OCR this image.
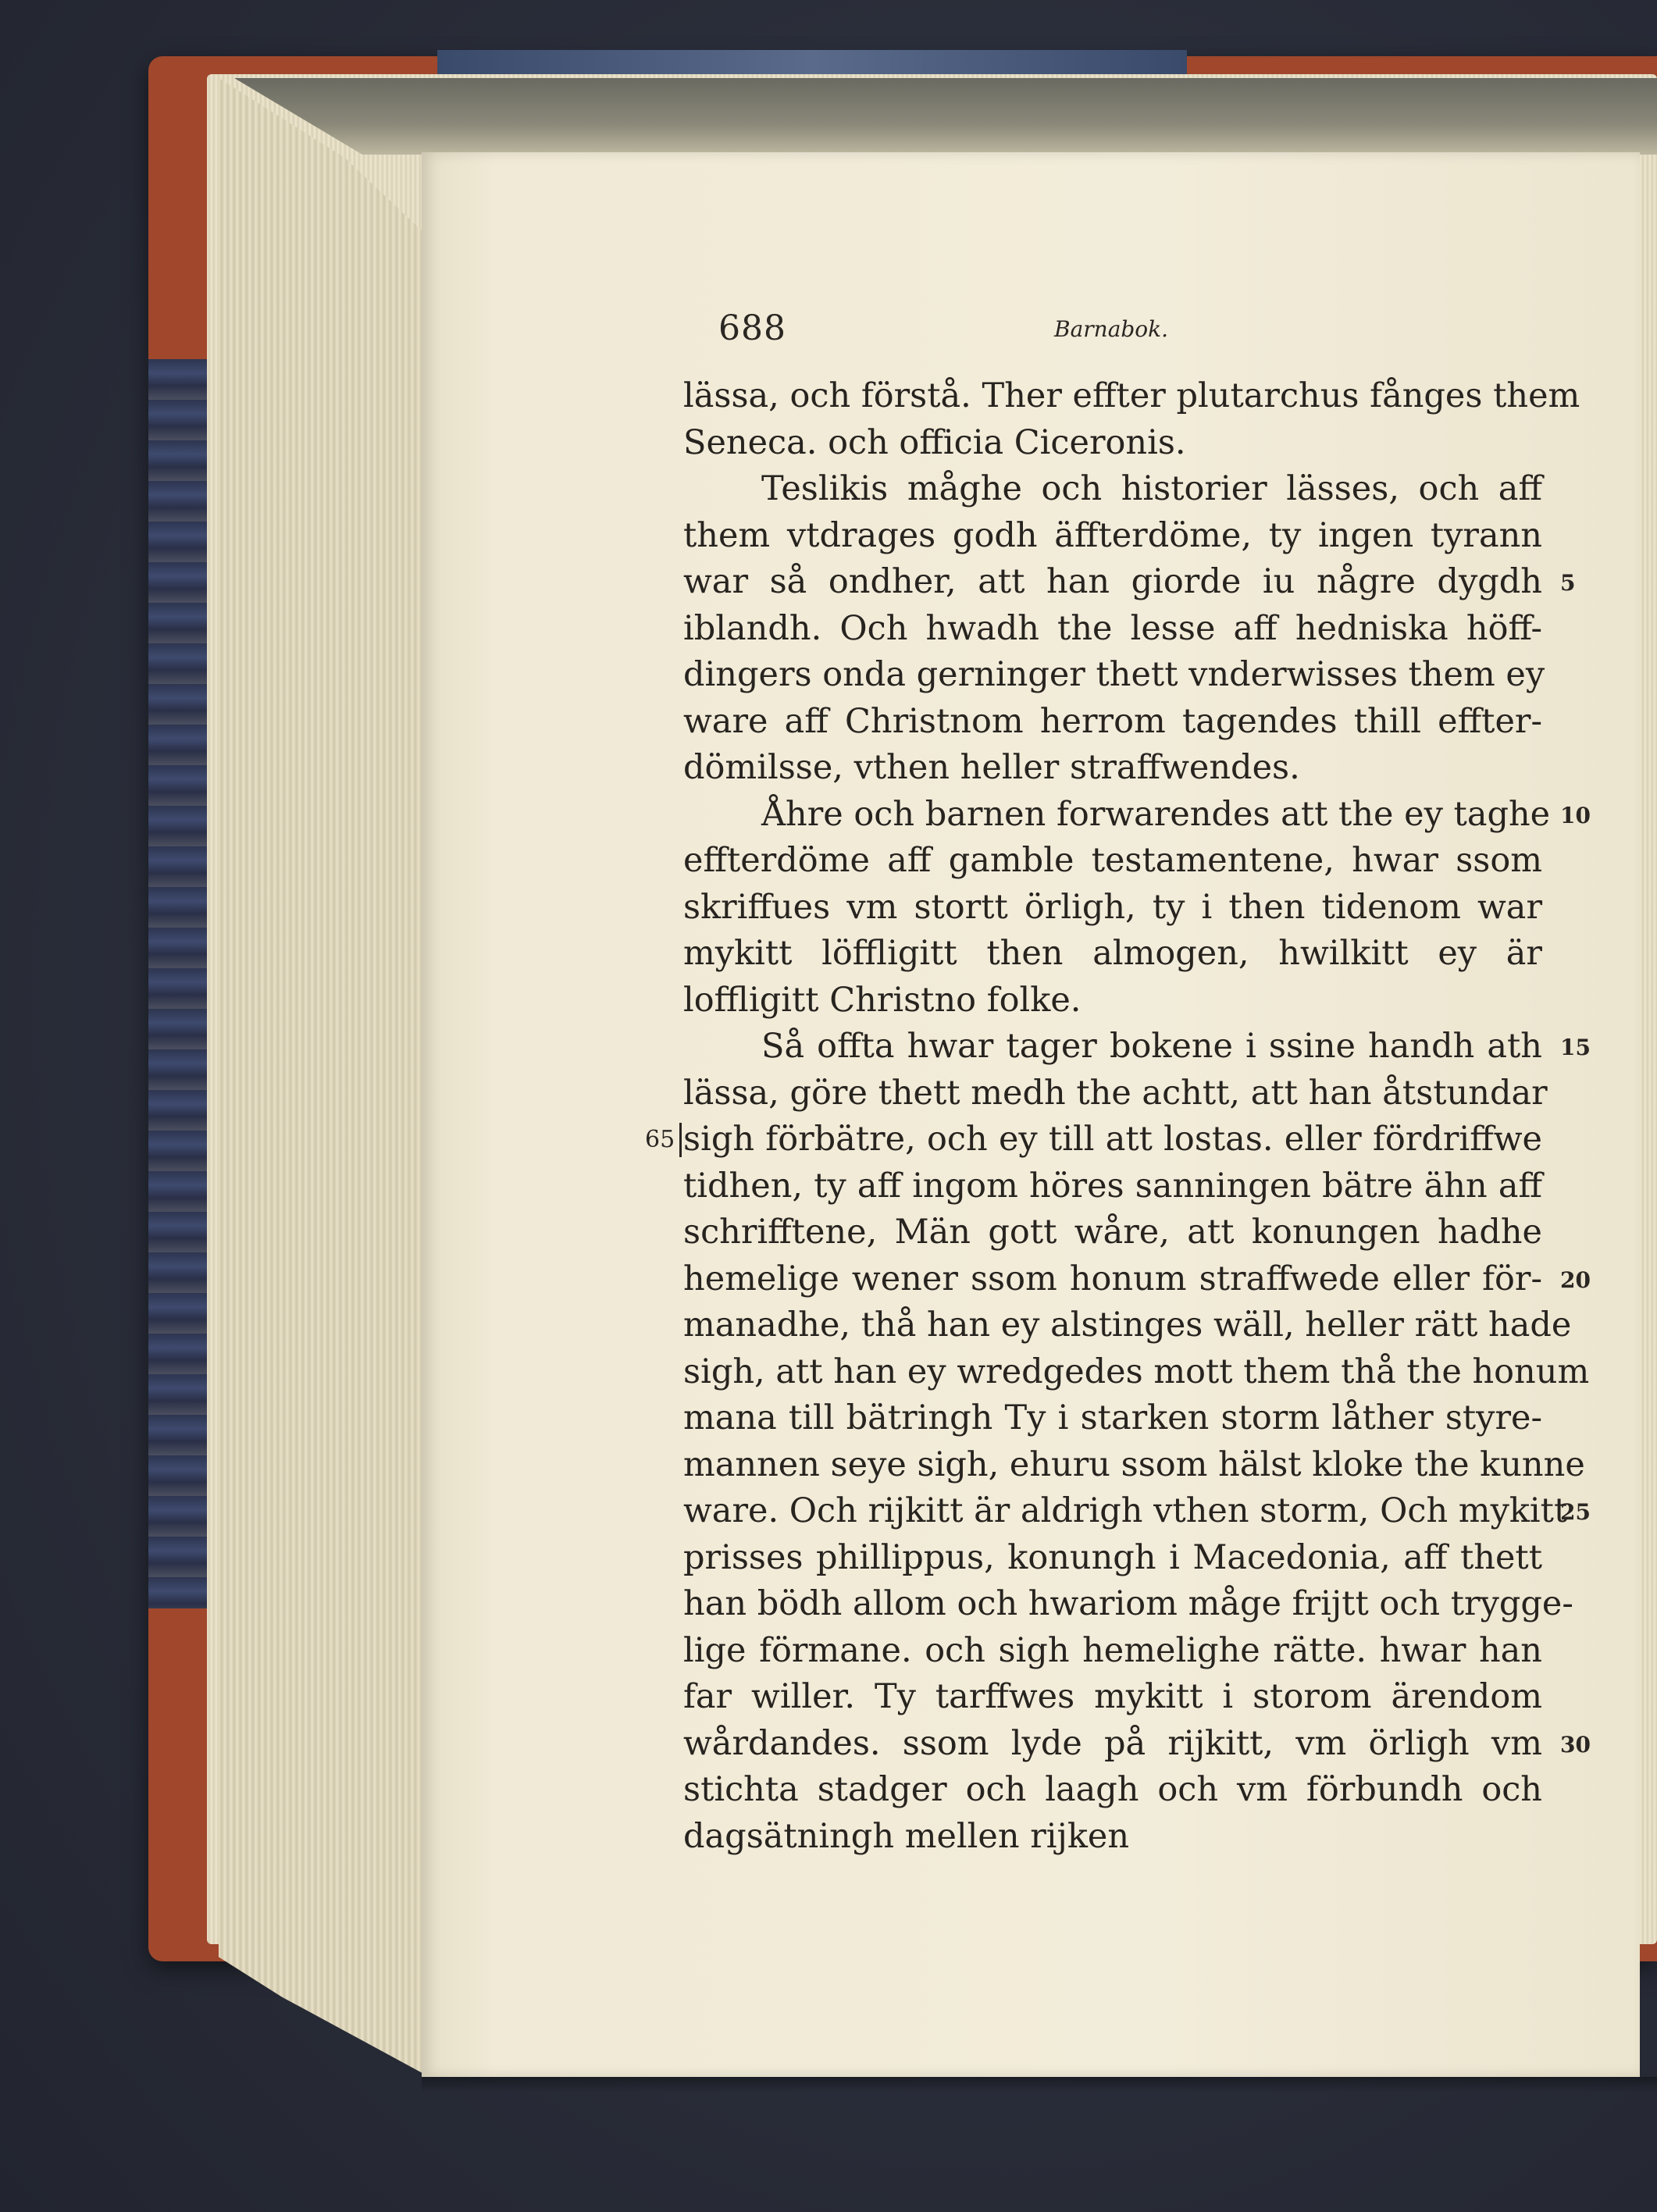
688	Barnabok.
lässa, och förstå. Ther effter plutarchus fånges them
Seneca. och officia Ciceronis.
Teslikis måghe och historier lässes, och aff
them vtdrages godh äffterdöme, ty ingen tyrann
war så ondher, att han giorde iu någre dygdh
iblandh. Och hwadh the lesse aff hedniska höff-
dingers onda gerninger thett vnderwisses them ey
ware aff Christnom herrom tagendes thill effter-
dömilsse, vthen heller straffwendes.
Åhre och barnen forwarendes att the ey taghe
effterdöme aff gamble testamentene, hwar ssom
skriffues vm stortt örligh, ty i then tidenom war
mykitt löffligitt then almogen, hwilkitt ey är
loffligitt Christno folke.
Så offta hwar tager bokene i ssine handh ath
lässa, göre thett medh the achtt, att han åtstundar
sigh förbätre, och ey till att lostas. eller fördriffwe
tidhen, ty aff ingom höres sanningen bätre ähn aff
schrifftene, Män gott wåre, att konungen hadhe
hemelige wener ssom honum straffwede eller för-
manadhe, thå han ey alstinges wäll, heller rätt hade
sigh, att han ey wredgedes mott them thå the honum
mana till bätringh Ty i starken storm låther styre-
mannen seye sigh, ehuru ssom hälst kloke the kunne
ware. Och rijkitt är aldrigh vthen storm, Och mykitt
prisses phillippus, konungh i Macedonia, aff thett
han bödh allom och hwariom måge frijtt och trygge-
lige förmane. och sigh hemelighe rätte. hwar han
far willer. Ty tarffwes mykitt i storom ärendom
wårdandes. ssom lyde på rijkitt, vm örligh vm
stichta stadger och laagh och vm förbundh och
dagsätningh mellen rijken
5
10
15
20
25
30
65
